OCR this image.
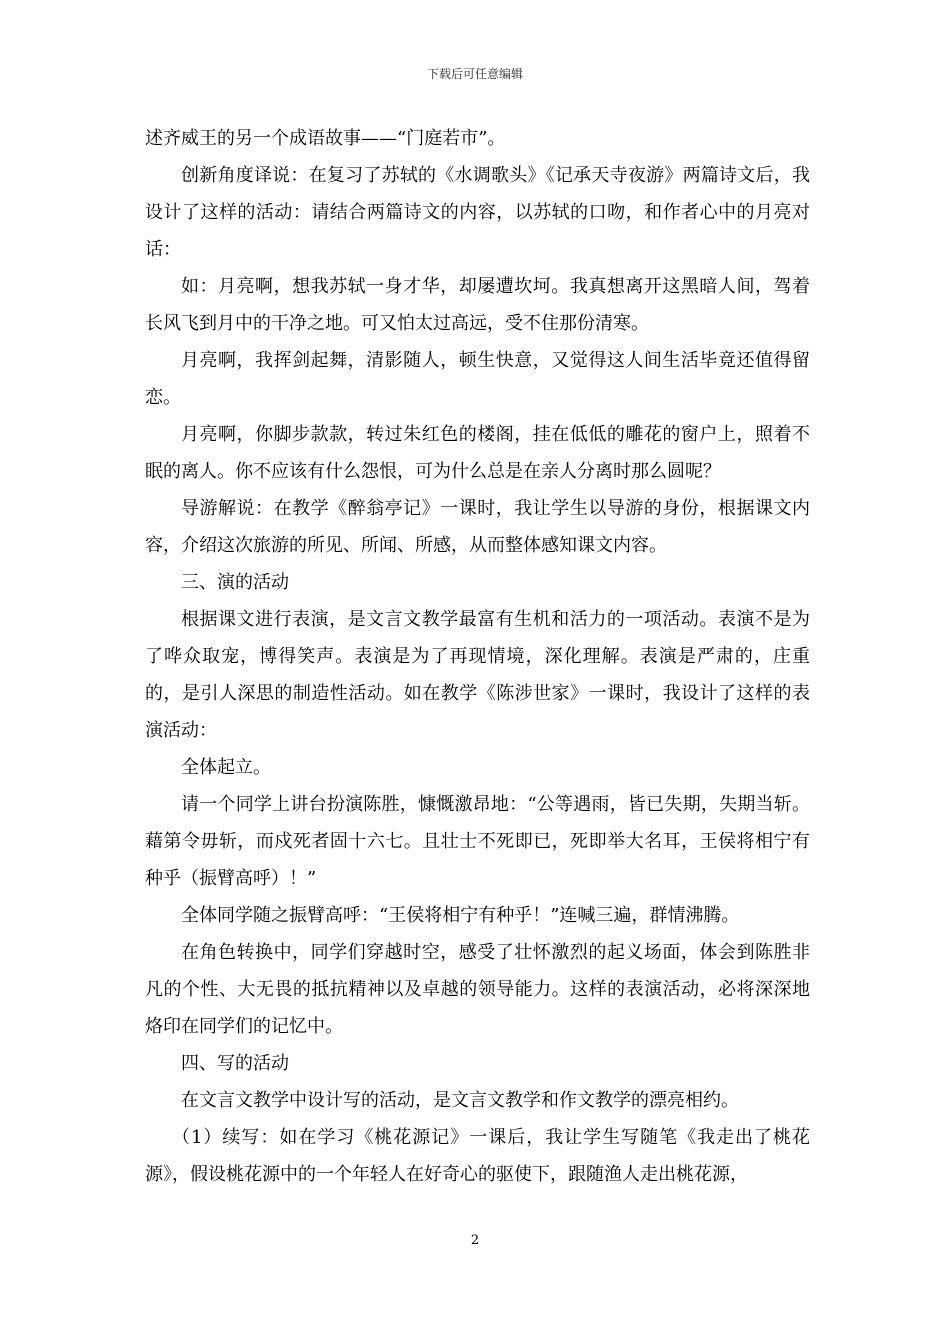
下载后可任意编辑

述齐威王的另一个成语故事——“门庭若市”。

创新角度译说：在复习了苏轼的《水调歌头》《记承天寺夜游》两篇诗文后，我设计了这样的活动：请结合两篇诗文的内容，以苏轼的口吻，和作者心中的月亮对话：

如：月亮啊，想我苏轼一身才华，却屡遭坎坷。我真想离开这黑暗人间，驾着长风飞到月中的干净之地。可又怕太过高远，受不住那份清寒。

月亮啊，我挥剑起舞，清影随人，顿生快意，又觉得这人间生活毕竟还值得留恋。

月亮啊，你脚步款款，转过朱红色的楼阁，挂在低低的雕花的窗户上，照着不眠的离人。你不应该有什么怨恨，可为什么总是在亲人分离时那么圆呢？

导游解说：在教学《醉翁亭记》一课时，我让学生以导游的身份，根据课文内容，介绍这次旅游的所见、所闻、所感，从而整体感知课文内容。

三、演的活动

根据课文进行表演，是文言文教学最富有生机和活力的一项活动。表演不是为了哗众取宠，博得笑声。表演是为了再现情境，深化理解。表演是严肃的，庄重的，是引人深思的制造性活动。如在教学《陈涉世家》一课时，我设计了这样的表演活动：

全体起立。

请一个同学上讲台扮演陈胜，慷慨激昂地：“公等遇雨，皆已失期，失期当斩。藉第令毋斩，而戍死者固十六七。且壮士不死即已，死即举大名耳，王侯将相宁有种乎（振臂高呼）！”

全体同学随之振臂高呼：“王侯将相宁有种乎！”连喊三遍，群情沸腾。

在角色转换中，同学们穿越时空，感受了壮怀激烈的起义场面，体会到陈胜非凡的个性、大无畏的抵抗精神以及卓越的领导能力。这样的表演活动，必将深深地烙印在同学们的记忆中。

四、写的活动

在文言文教学中设计写的活动，是文言文教学和作文教学的漂亮相约。

（1）续写：如在学习《桃花源记》一课后，我让学生写随笔《我走出了桃花源》，假设桃花源中的一个年轻人在好奇心的驱使下，跟随渔人走出桃花源，

2
